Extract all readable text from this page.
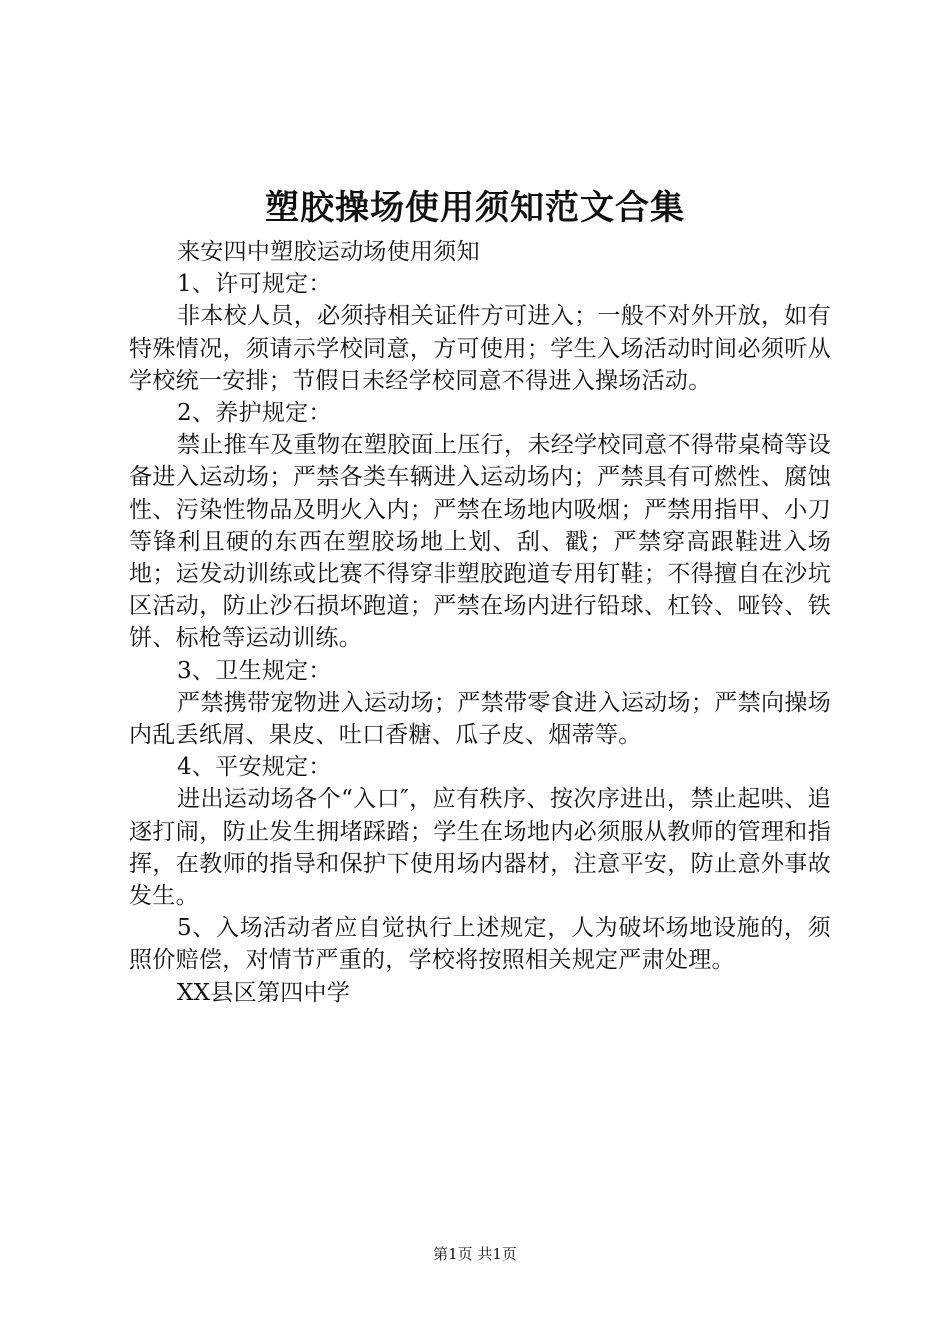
塑胶操场使用须知范文合集

来安四中塑胶运动场使用须知

1、许可规定：

非本校人员，必须持相关证件方可进入；一般不对外开放，如有特殊情况，须请示学校同意，方可使用；学生入场活动时间必须听从学校统一安排；节假日未经学校同意不得进入操场活动。

2、养护规定：

禁止推车及重物在塑胶面上压行，未经学校同意不得带桌椅等设备进入运动场；严禁各类车辆进入运动场内；严禁具有可燃性、腐蚀性、污染性物品及明火入内；严禁在场地内吸烟；严禁用指甲、小刀等锋利且硬的东西在塑胶场地上划、刮、戳；严禁穿高跟鞋进入场地；运发动训练或比赛不得穿非塑胶跑道专用钉鞋；不得擅自在沙坑区活动，防止沙石损坏跑道；严禁在场内进行铅球、杠铃、哑铃、铁饼、标枪等运动训练。

3、卫生规定：

严禁携带宠物进入运动场；严禁带零食进入运动场；严禁向操场内乱丢纸屑、果皮、吐口香糖、瓜子皮、烟蒂等。

4、平安规定：

进出运动场各个“入口″，应有秩序、按次序进出，禁止起哄、追逐打闹，防止发生拥堵踩踏；学生在场地内必须服从教师的管理和指挥，在教师的指导和保护下使用场内器材，注意平安，防止意外事故发生。

5、入场活动者应自觉执行上述规定，人为破坏场地设施的，须照价赔偿，对情节严重的，学校将按照相关规定严肃处理。

XX县区第四中学

第1页 共1页
